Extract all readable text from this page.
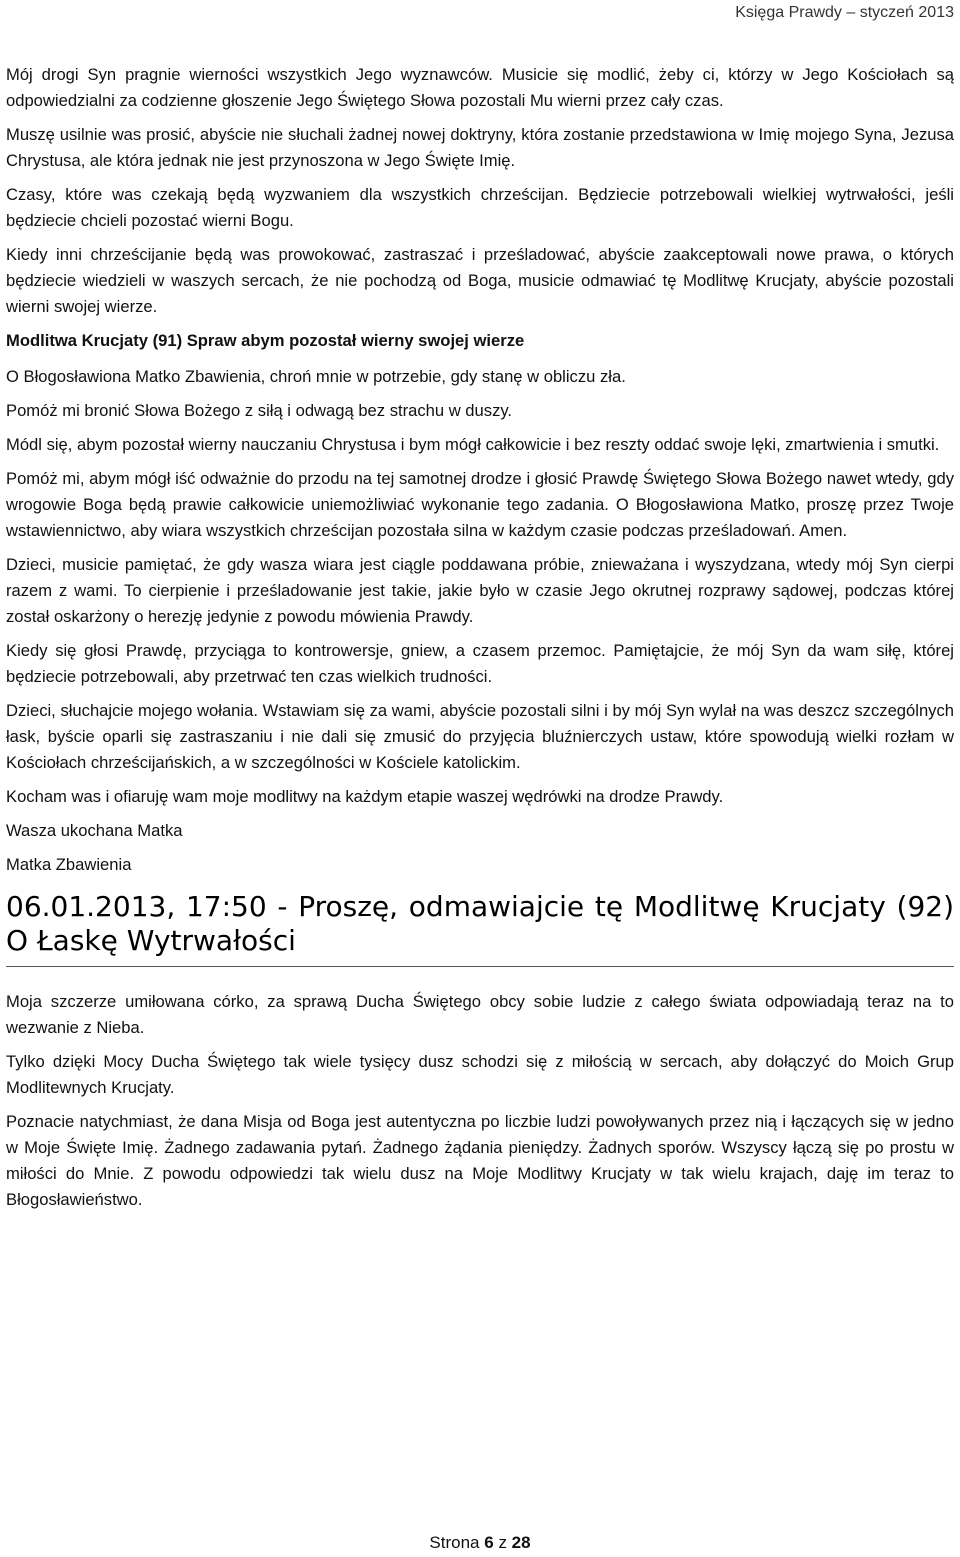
Księga Prawdy – styczeń 2013

Mój drogi Syn pragnie wierności wszystkich Jego wyznawców. Musicie się modlić, żeby ci, którzy w Jego Kościołach są odpowiedzialni za codzienne głoszenie Jego Świętego Słowa pozostali Mu wierni przez cały czas.

Muszę usilnie was prosić, abyście nie słuchali żadnej nowej doktryny, która zostanie przedstawiona w Imię mojego Syna, Jezusa Chrystusa, ale która jednak nie jest przynoszona w Jego Święte Imię.

Czasy, które was czekają będą wyzwaniem dla wszystkich chrześcijan. Będziecie potrzebowali wielkiej wytrwałości, jeśli będziecie chcieli pozostać wierni Bogu.

Kiedy inni chrześcijanie będą was prowokować, zastraszać i prześladować, abyście zaakceptowali nowe prawa, o których będziecie wiedzieli w waszych sercach, że nie pochodzą od Boga, musicie odmawiać tę Modlitwę Krucjaty, abyście pozostali wierni swojej wierze.

Modlitwa Krucjaty (91) Spraw abym pozostał wierny swojej wierze

O Błogosławiona Matko Zbawienia, chroń mnie w potrzebie, gdy stanę w obliczu zła.

Pomóż mi bronić Słowa Bożego z siłą i odwagą bez strachu w duszy.

Módl się, abym pozostał wierny nauczaniu Chrystusa i bym mógł całkowicie i bez reszty oddać swoje lęki, zmartwienia i smutki.

Pomóż mi, abym mógł iść odważnie do przodu na tej samotnej drodze i głosić Prawdę Świętego Słowa Bożego nawet wtedy, gdy wrogowie Boga będą prawie całkowicie uniemożliwiać wykonanie tego zadania. O Błogosławiona Matko, proszę przez Twoje wstawiennictwo, aby wiara wszystkich chrześcijan pozostała silna w każdym czasie podczas prześladowań. Amen.

Dzieci, musicie pamiętać, że gdy wasza wiara jest ciągle poddawana próbie, znieważana i wyszydzana, wtedy mój Syn cierpi razem z wami. To cierpienie i prześladowanie jest takie, jakie było w czasie Jego okrutnej rozprawy sądowej, podczas której został oskarżony o herezję jedynie z powodu mówienia Prawdy.

Kiedy się głosi Prawdę, przyciąga to kontrowersje, gniew, a czasem przemoc. Pamiętajcie, że mój Syn da wam siłę, której będziecie potrzebowali, aby przetrwać ten czas wielkich trudności.

Dzieci, słuchajcie mojego wołania. Wstawiam się za wami, abyście pozostali silni i by mój Syn wylał na was deszcz szczególnych łask, byście oparli się zastraszaniu i nie dali się zmusić do przyjęcia bluźnierczych ustaw, które spowodują wielki rozłam w Kościołach chrześcijańskich, a w szczególności w Kościele katolickim.

Kocham was i ofiaruję wam moje modlitwy na każdym etapie waszej wędrówki na drodze Prawdy.

Wasza ukochana Matka

Matka Zbawienia

06.01.2013, 17:50 - Proszę, odmawiajcie tę Modlitwę Krucjaty (92) O Łaskę Wytrwałości

Moja szczerze umiłowana córko, za sprawą Ducha Świętego obcy sobie ludzie z całego świata odpowiadają teraz na to wezwanie z Nieba.

Tylko dzięki Mocy Ducha Świętego tak wiele tysięcy dusz schodzi się z miłością w sercach, aby dołączyć do Moich Grup Modlitewnych Krucjaty.

Poznacie natychmiast, że dana Misja od Boga jest autentyczna po liczbie ludzi powoływanych przez nią i łączących się w jedno w Moje Święte Imię. Żadnego zadawania pytań. Żadnego żądania pieniędzy. Żadnych sporów. Wszyscy łączą się po prostu w miłości do Mnie. Z powodu odpowiedzi tak wielu dusz na Moje Modlitwy Krucjaty w tak wielu krajach, daję im teraz to Błogosławieństwo.

Strona 6 z 28
